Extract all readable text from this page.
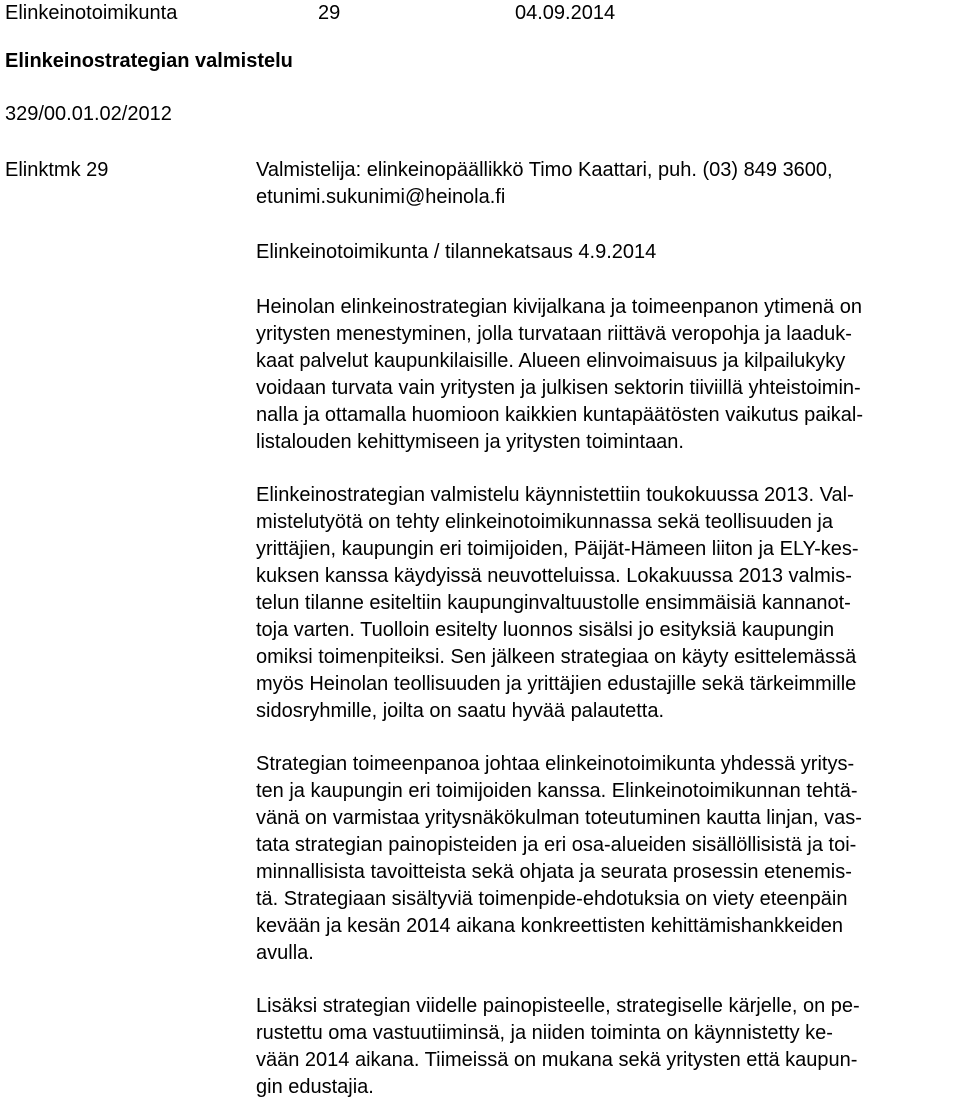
Elinkeinotoimikunta	29	04.09.2014
Elinkeinostrategian valmistelu
329/00.01.02/2012
Elinktmk 29	Valmistelija: elinkeinopäällikkö Timo Kaattari, puh. (03) 849 3600,
etunimi.sukunimi@heinola.fi

Elinkeinotoimikunta / tilannekatsaus 4.9.2014

Heinolan elinkeinostrategian kivijalkana ja toimeenpanon ytimenä on
yritysten menestyminen, jolla turvataan riittävä veropohja ja laaduk-
kaat palvelut kaupunkilaisille. Alueen elinvoimaisuus ja kilpailukyky
voidaan turvata vain yritysten ja julkisen sektorin tiiviillä yhteistoimin-
nalla ja ottamalla huomioon kaikkien kuntapäätösten vaikutus paikal-
listalouden kehittymiseen ja yritysten toimintaan.

Elinkeinostrategian valmistelu käynnistettiin toukokuussa 2013. Val-
mistelutyötä on tehty elinkeinotoimikunnassa sekä teollisuuden ja
yrittäjien, kaupungin eri toimijoiden, Päijät-Hämeen liiton ja ELY-kes-
kuksen kanssa käydyissä neuvotteluissa. Lokakuussa 2013 valmis-
telun tilanne esiteltiin kaupunginvaltuustolle ensimmäisiä kannanot-
toja varten. Tuolloin esitelty luonnos sisälsi jo esityksiä kaupungin
omiksi toimenpiteiksi. Sen jälkeen strategiaa on käyty esittelemässä
myös Heinolan teollisuuden ja yrittäjien edustajille sekä tärkeimmille
sidosryhmille, joilta on saatu hyvää palautetta.

Strategian toimeenpanoa johtaa elinkeinotoimikunta yhdessä yritys-
ten ja kaupungin eri toimijoiden kanssa. Elinkeinotoimikunnan tehtä-
vänä on varmistaa yritysnäkökulman toteutuminen kautta linjan, vas-
tata strategian painopisteiden ja eri osa-alueiden sisällöllisistä ja toi-
minnallisista tavoitteista sekä ohjata ja seurata prosessin etenemis-
tä. Strategiaan sisältyviä toimenpide-ehdotuksia on viety eteenpäin
kevään ja kesän 2014 aikana konkreettisten kehittämishankkeiden
avulla.

Lisäksi strategian viidelle painopisteelle, strategiselle kärjelle, on pe-
rustettu oma vastuutiiminsä, ja niiden toiminta on käynnistetty ke-
vään 2014 aikana. Tiimeissä on mukana sekä yritysten että kaupun-
gin edustajia.
